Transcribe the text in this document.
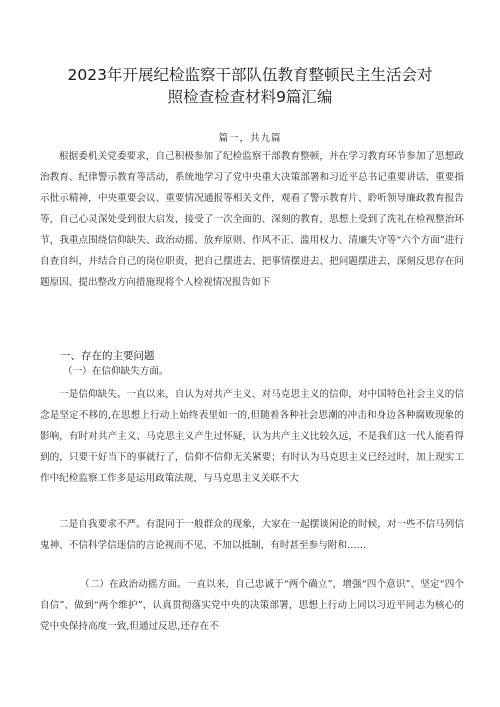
2023年开展纪检监察干部队伍教育整顿民主生活会对
照检查检查材料9篇汇编
篇一，共九篇
根据委机关党委要求，自己积极参加了纪检监察干部教育整顿，并在学习教育环节参加了思想政治教育、纪律警示教育等活动，系统地学习了党中央重大决策部署和习近平总书记重要讲话、重要指示批示精神，中央重要会议、重要情况通报等相关文件，观看了警示教育片、聆听领导廉政教育报告等，自己心灵深处受到很大启发，接受了一次全面的、深刻的教育，思想上受到了洗礼在检视整治环节，我重点围绕信仰缺失、政治动摇、放弃原则、作风不正、滥用权力、清廉失守等“六个方面”进行自查自纠，并结合自己的岗位职责，把自己摆进去、把事情摆进去、把问题摆进去，深刻反思存在问题原因、提出整改方向措施现将个人检视情况报告如下
一、存在的主要问题
（一）在信仰缺失方面。
一是信仰缺失。一直以来，自认为对共产主义、对马克思主义的信仰，对中国特色社会主义的信念是坚定不移的,在思想上行动上始终表里如一的,但随着各种社会思潮的冲击和身边各种腐败现象的影响，有时对共产主义、马克思主义产生过怀疑，认为共产主义比较久远，不是我们这一代人能看得到的，只要干好当下的事就行了，信仰不信仰无关紧要；有时认为马克思主义已经过时，加上现实工作中纪检监察工作多是运用政策法规，与马克思主义关联不大
二是自我要求不严。有混同于一般群众的现象，大家在一起摆谈闲论的时候，对一些不信马列信鬼神、不信科学信迷信的言论视而不见、不加以抵制，有时甚至参与附和……
（二）在政治动摇方面。一直以来，自己忠诚于“两个确立”，增强“四个意识”、坚定“四个自信”、做到“两个维护”，认真贯彻落实党中央的决策部署，思想上行动上同以习近平同志为核心的党中央保持高度一致,但通过反思,还存在不
